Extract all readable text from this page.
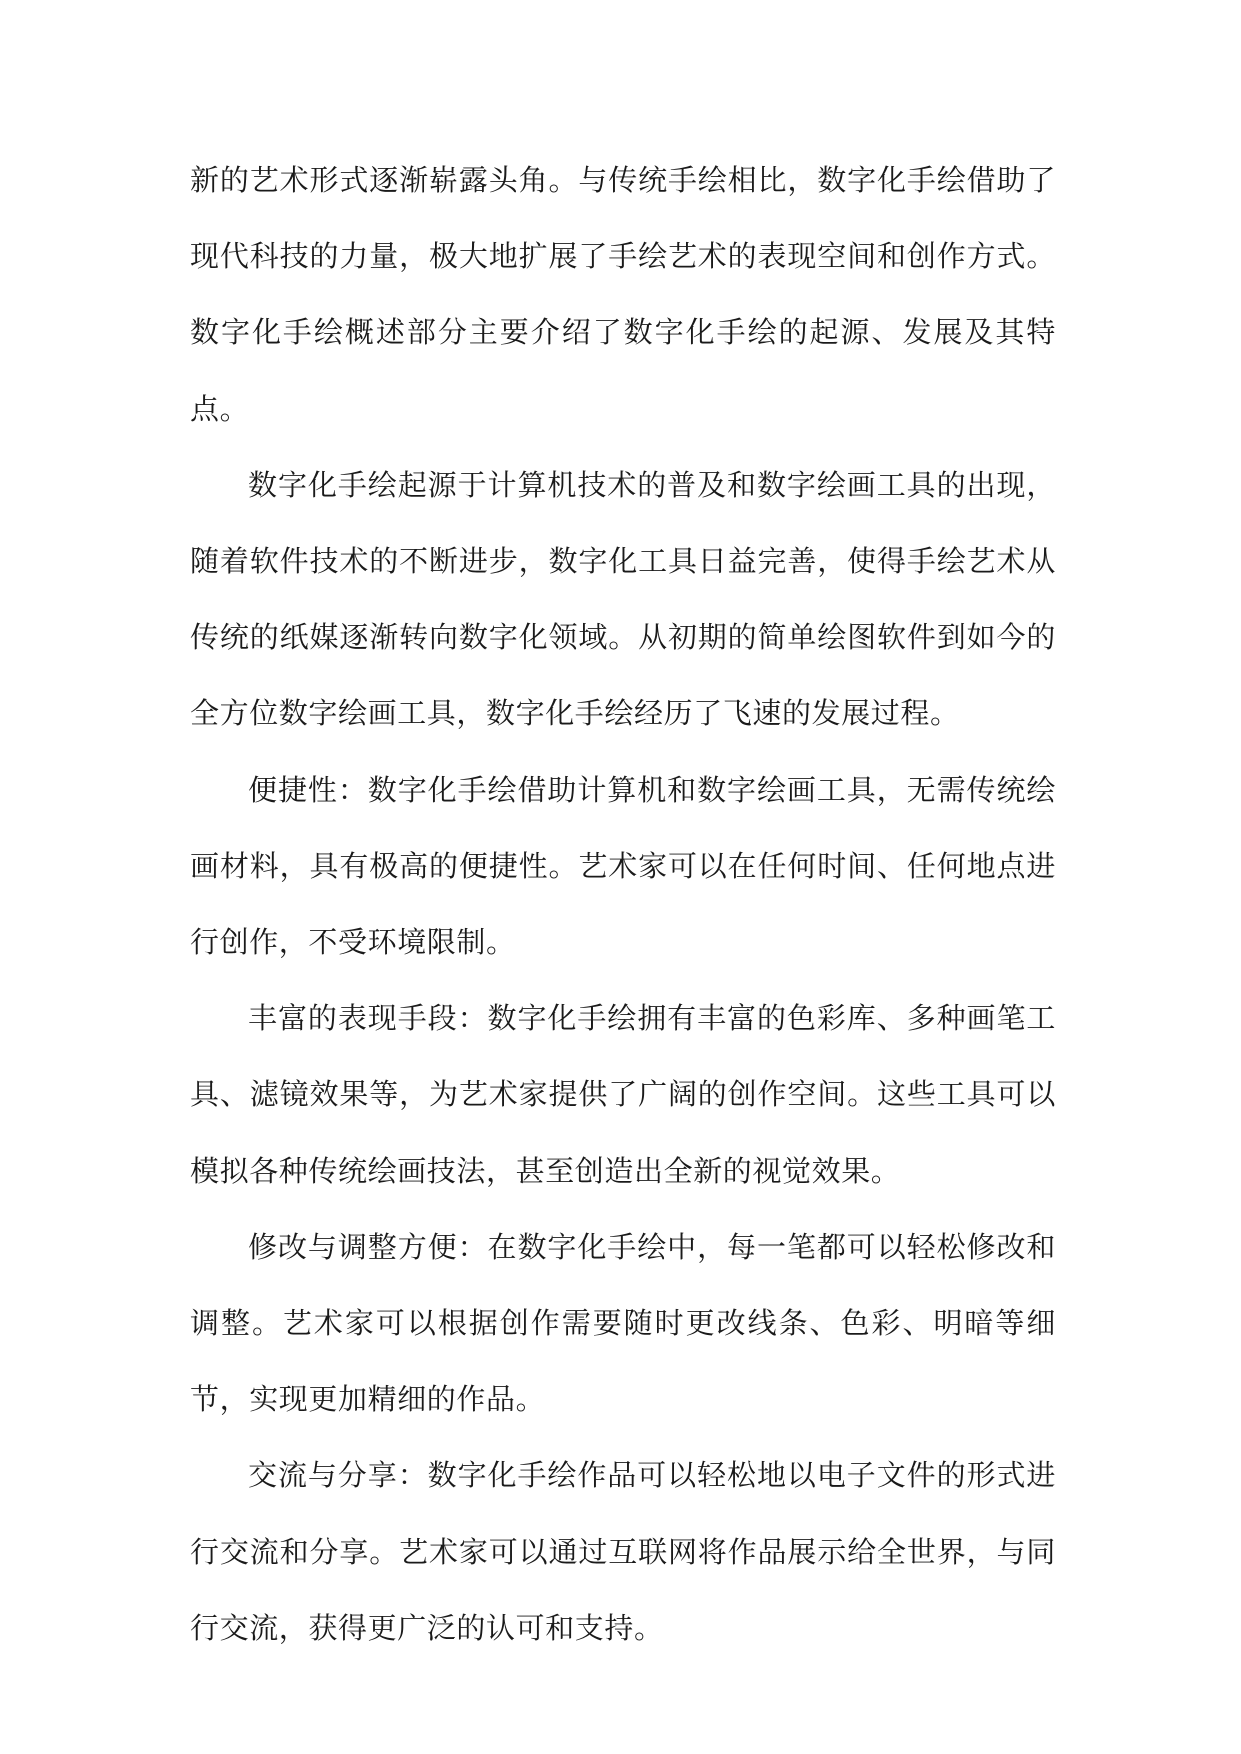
新的艺术形式逐渐崭露头角。与传统手绘相比，数字化手绘借助了现代科技的力量，极大地扩展了手绘艺术的表现空间和创作方式。数字化手绘概述部分主要介绍了数字化手绘的起源、发展及其特点。

数字化手绘起源于计算机技术的普及和数字绘画工具的出现，随着软件技术的不断进步，数字化工具日益完善，使得手绘艺术从传统的纸媒逐渐转向数字化领域。从初期的简单绘图软件到如今的全方位数字绘画工具，数字化手绘经历了飞速的发展过程。

便捷性：数字化手绘借助计算机和数字绘画工具，无需传统绘画材料，具有极高的便捷性。艺术家可以在任何时间、任何地点进行创作，不受环境限制。

丰富的表现手段：数字化手绘拥有丰富的色彩库、多种画笔工具、滤镜效果等，为艺术家提供了广阔的创作空间。这些工具可以模拟各种传统绘画技法，甚至创造出全新的视觉效果。

修改与调整方便：在数字化手绘中，每一笔都可以轻松修改和调整。艺术家可以根据创作需要随时更改线条、色彩、明暗等细节，实现更加精细的作品。

交流与分享：数字化手绘作品可以轻松地以电子文件的形式进行交流和分享。艺术家可以通过互联网将作品展示给全世界，与同行交流，获得更广泛的认可和支持。
